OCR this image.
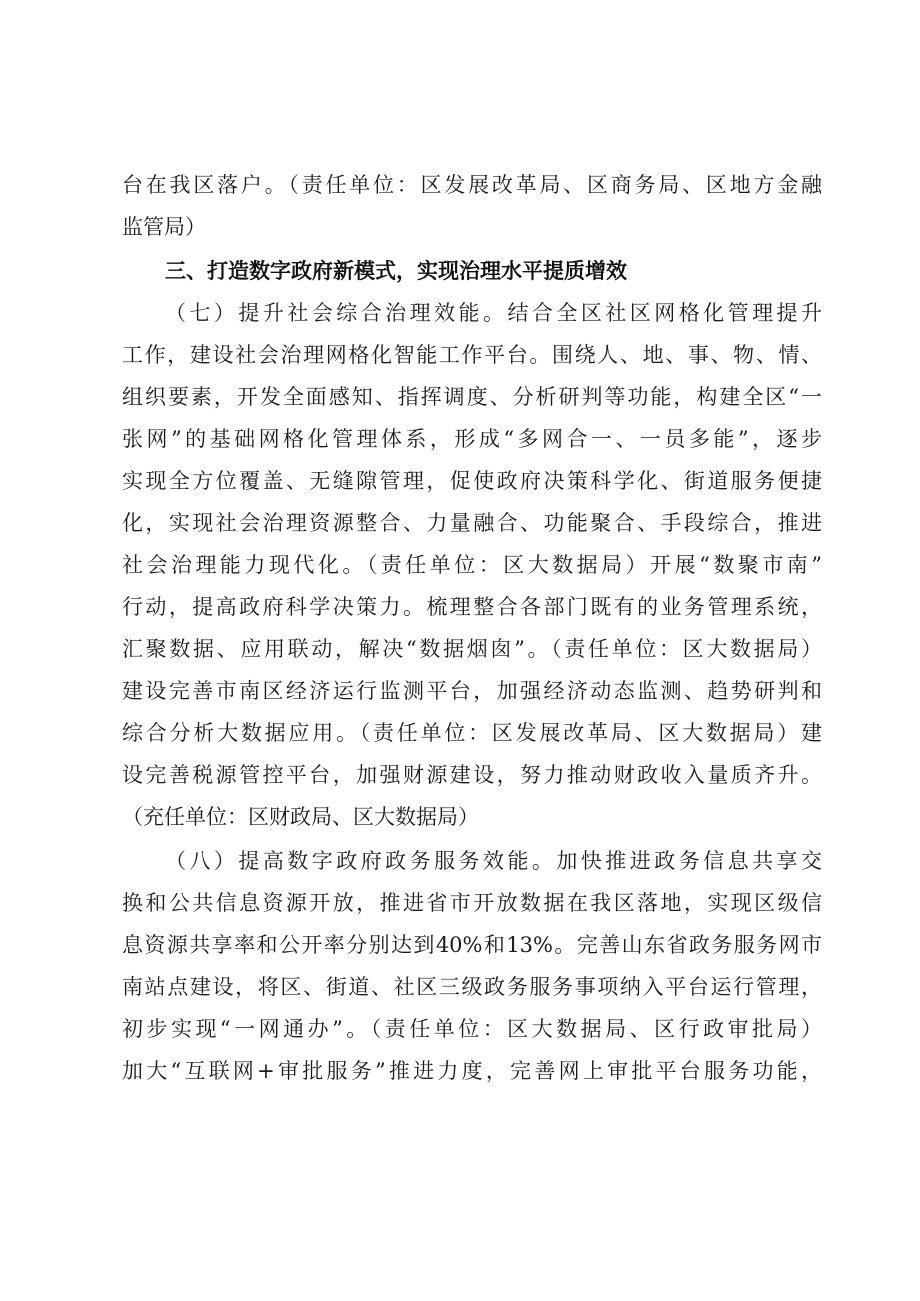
台在我区落户。（责任单位：区发展改革局、区商务局、区地方金融
监管局）
三、打造数字政府新模式，实现治理水平提质增效
（七）提升社会综合治理效能。结合全区社区网格化管理提升
工作，建设社会治理网格化智能工作平台。围绕人、地、事、物、情、
组织要素，开发全面感知、指挥调度、分析研判等功能，构建全区“一
张网”的基础网格化管理体系，形成“多网合一、一员多能”，逐步
实现全方位覆盖、无缝隙管理，促使政府决策科学化、街道服务便捷
化，实现社会治理资源整合、力量融合、功能聚合、手段综合，推进
社会治理能力现代化。（责任单位：区大数据局）开展“数聚市南”
行动，提高政府科学决策力。梳理整合各部门既有的业务管理系统，
汇聚数据、应用联动，解决“数据烟囱”。（责任单位：区大数据局）
建设完善市南区经济运行监测平台，加强经济动态监测、趋势研判和
综合分析大数据应用。（责任单位：区发展改革局、区大数据局）建
设完善税源管控平台，加强财源建设，努力推动财政收入量质齐升。
（充任单位：区财政局、区大数据局）
（八）提高数字政府政务服务效能。加快推进政务信息共享交
换和公共信息资源开放，推进省市开放数据在我区落地，实现区级信
息资源共享率和公开率分别达到40%和13%。完善山东省政务服务网市
南站点建设，将区、街道、社区三级政务服务事项纳入平台运行管理，
初步实现“一网通办”。（责任单位：区大数据局、区行政审批局）
加大“互联网+审批服务”推进力度，完善网上审批平台服务功能，
